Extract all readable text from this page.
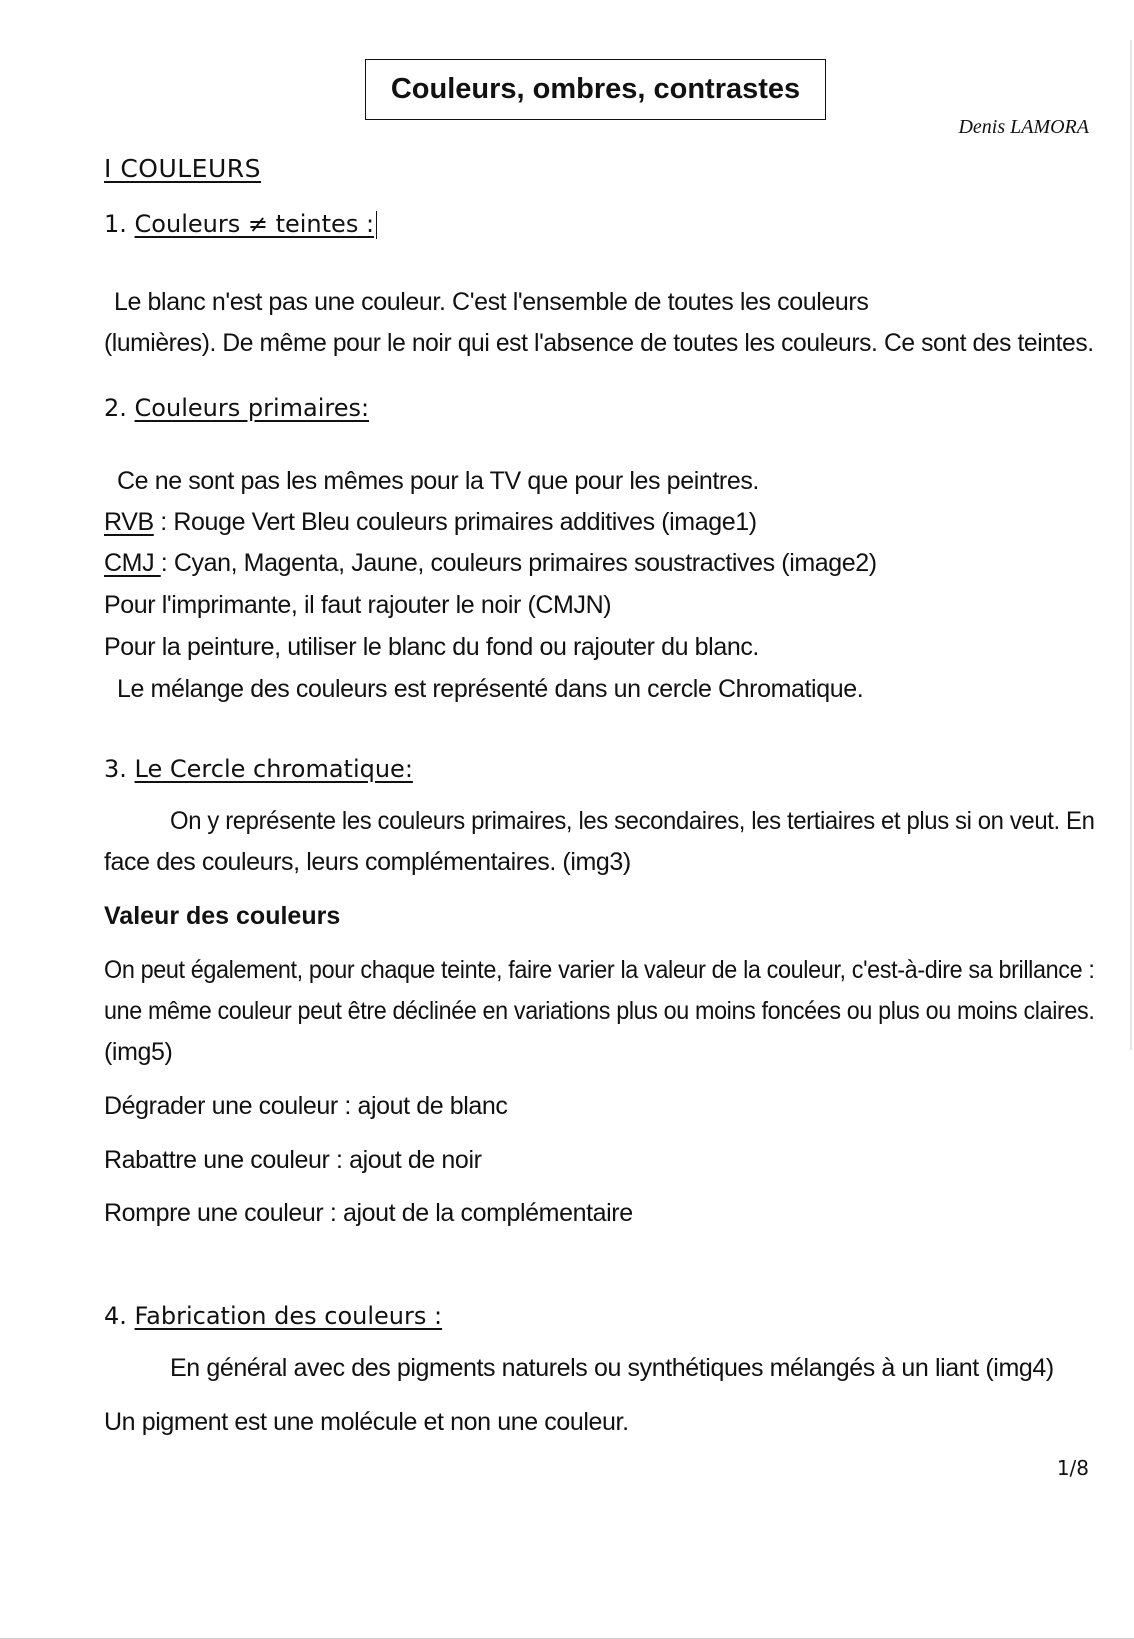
Couleurs, ombres, contrastes
Denis LAMORA
I COULEURS
1. Couleurs ≠ teintes :
Le blanc n'est pas une couleur. C'est l'ensemble de toutes les couleurs
(lumières). De même pour le noir qui est l'absence de toutes les couleurs. Ce sont des teintes.
2. Couleurs primaires:
Ce ne sont pas les mêmes pour la TV que pour les peintres.
RVB : Rouge Vert Bleu couleurs primaires additives (image1)
CMJ : Cyan, Magenta, Jaune, couleurs primaires soustractives (image2)
Pour l'imprimante, il faut rajouter le noir (CMJN)
Pour la peinture, utiliser le blanc du fond ou rajouter du blanc.
Le mélange des couleurs est représenté dans un cercle Chromatique.
3. Le Cercle chromatique:
On y représente les couleurs primaires, les secondaires, les tertiaires et plus si on veut. En
face des couleurs, leurs complémentaires. (img3)
Valeur des couleurs
On peut également, pour chaque teinte, faire varier la valeur de la couleur, c'est-à-dire sa brillance :
une même couleur peut être déclinée en variations plus ou moins foncées ou plus ou moins claires.
(img5)
Dégrader une couleur : ajout de blanc
Rabattre une couleur : ajout de noir
Rompre une couleur : ajout de la complémentaire
4. Fabrication des couleurs :
En général avec des pigments naturels ou synthétiques mélangés à un liant (img4)
Un pigment est une molécule et non une couleur.
1/8
